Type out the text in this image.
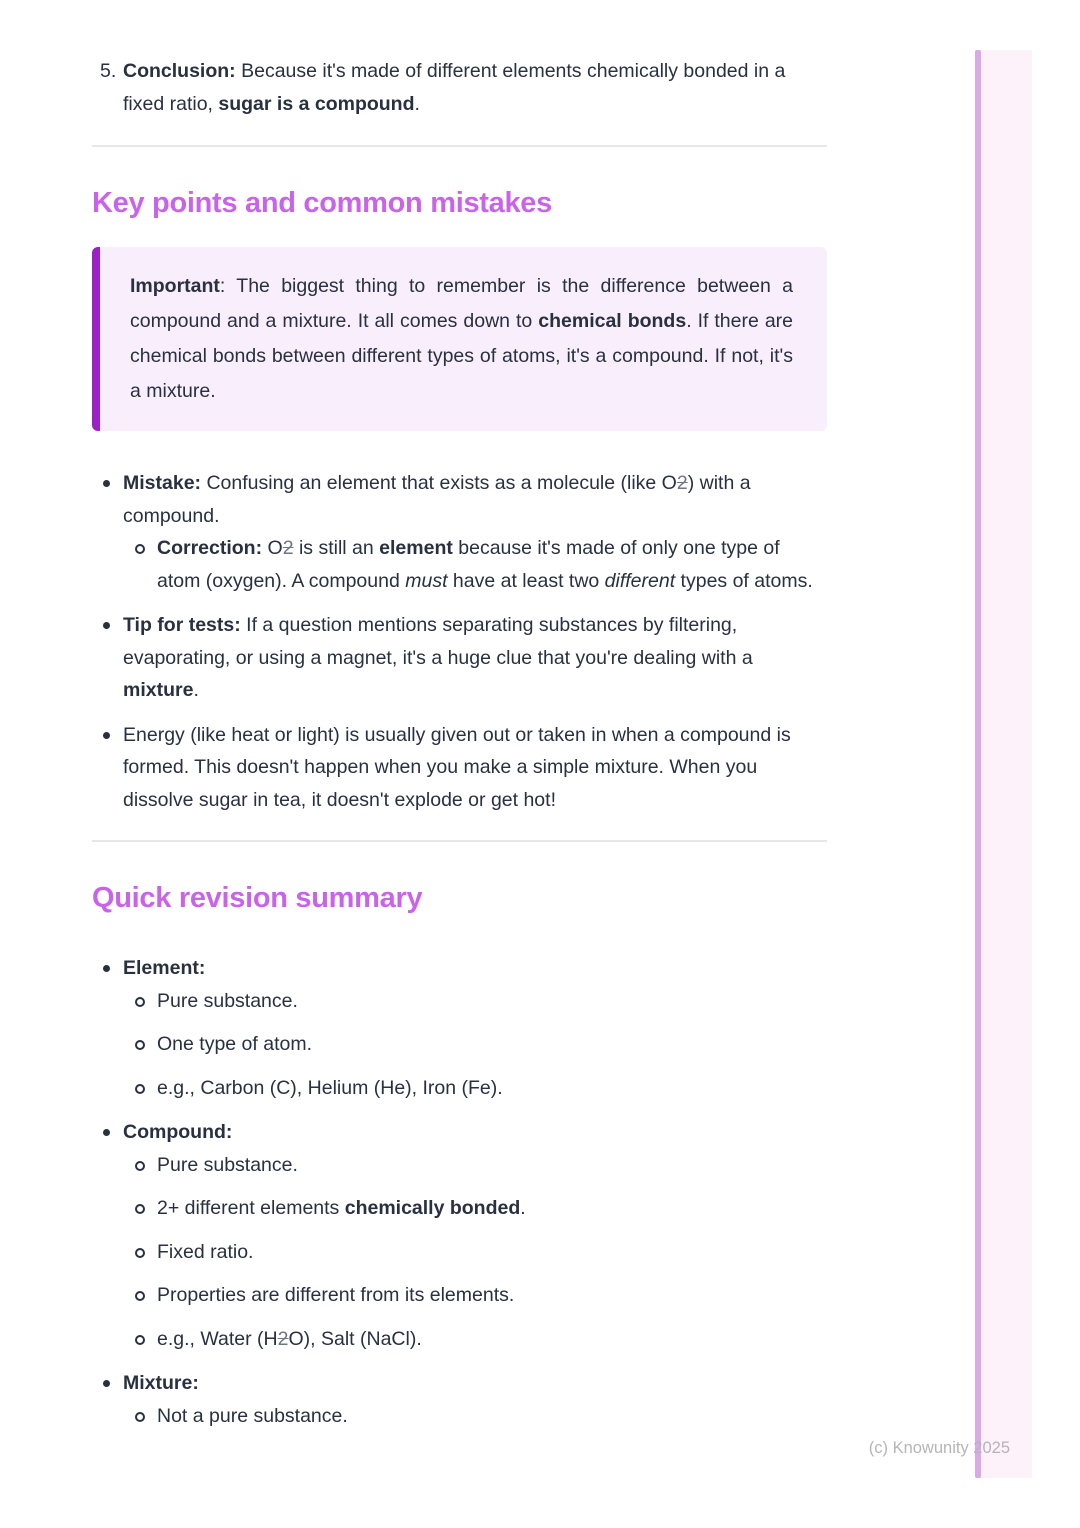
5. Conclusion: Because it's made of different elements chemically bonded in a fixed ratio, sugar is a compound.

Key points and common mistakes

Important: The biggest thing to remember is the difference between a compound and a mixture. It all comes down to chemical bonds. If there are chemical bonds between different types of atoms, it's a compound. If not, it's a mixture.

Mistake: Confusing an element that exists as a molecule (like O2) with a compound.

Correction: O2 is still an element because it's made of only one type of atom (oxygen). A compound must have at least two different types of atoms.

Tip for tests: If a question mentions separating substances by filtering, evaporating, or using a magnet, it's a huge clue that you're dealing with a mixture.

Energy (like heat or light) is usually given out or taken in when a compound is formed. This doesn't happen when you make a simple mixture. When you dissolve sugar in tea, it doesn't explode or get hot!

Quick revision summary

Element:

Pure substance.

One type of atom.

e.g., Carbon (C), Helium (He), Iron (Fe).

Compound:

Pure substance.

2+ different elements chemically bonded.

Fixed ratio.

Properties are different from its elements.

e.g., Water (H2O), Salt (NaCl).

Mixture:

Not a pure substance.

(c) Knowunity 2025
